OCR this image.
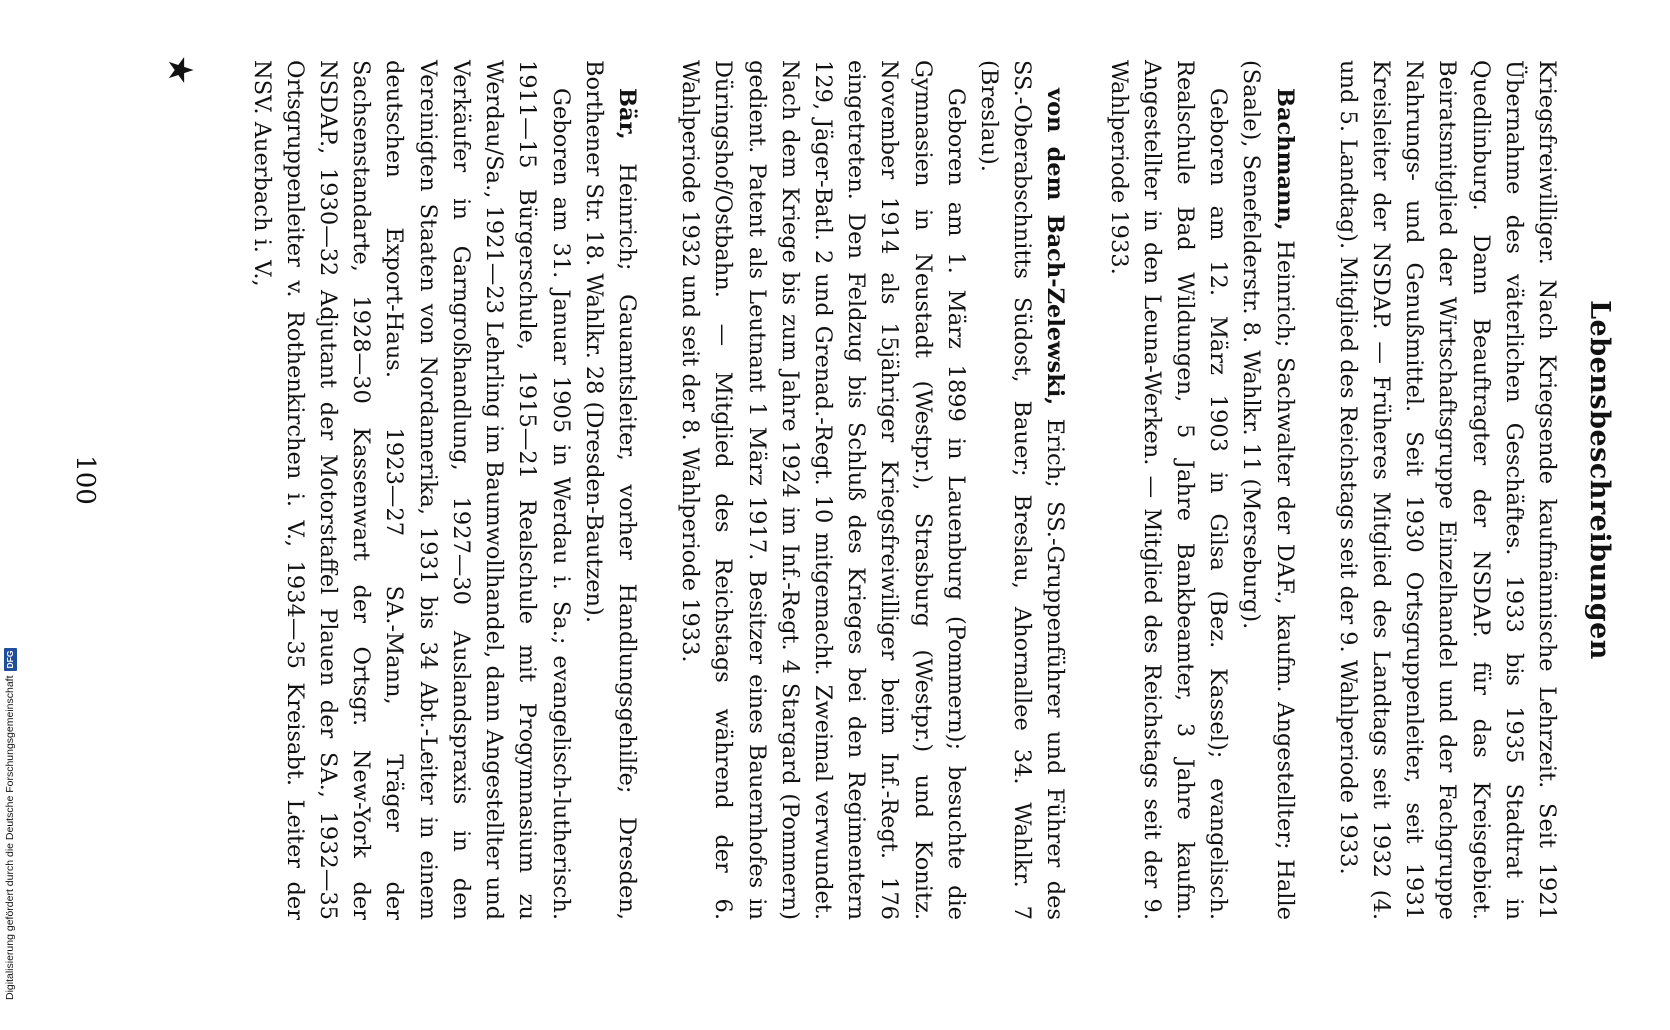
Lebensbeschreibungen

Kriegsfreiwilliger. Nach Kriegsende kaufmännische Lehrzeit. Seit 1921 Übernahme des väterlichen Geschäftes. 1933 bis 1935 Stadtrat in Quedlinburg. Dann Beauftragter der NSDAP. für das Kreisgebiet. Beiratsmitglied der Wirtschaftsgruppe Einzelhandel und der Fachgruppe Nahrungs- und Genußmittel. Seit 1930 Ortsgruppenleiter, seit 1931 Kreisleiter der NSDAP. — Früheres Mitglied des Landtags seit 1932 (4. und 5. Landtag). Mitglied des Reichstags seit der 9. Wahlperiode 1933.

Bachmann, Heinrich; Sachwalter der DAF., kaufm. Angestellter; Halle (Saale), Senefelderstr. 8. Wahlkr. 11 (Merseburg).

Geboren am 12. März 1903 in Gilsa (Bez. Kassel); evangelisch. Realschule Bad Wildungen, 5 Jahre Bankbeamter, 3 Jahre kaufm. Angestellter in den Leuna-Werken. — Mitglied des Reichstags seit der 9. Wahlperiode 1933.

von dem Bach-Zelewski, Erich; SS.-Gruppenführer und Führer des SS.-Oberabschnitts Südost, Bauer; Breslau, Ahornallee 34. Wahlkr. 7 (Breslau).

Geboren am 1. März 1899 in Lauenburg (Pommern); besuchte die Gymnasien in Neustadt (Westpr.), Strasburg (Westpr.) und Konitz. November 1914 als 15jähriger Kriegsfreiwilliger beim Inf.-Regt. 176 eingetreten. Den Feldzug bis Schluß des Krieges bei den Regimentern 129, Jäger-Batl. 2 und Grenad.-Regt. 10 mitgemacht. Zweimal verwundet. Nach dem Kriege bis zum Jahre 1924 im Inf.-Regt. 4 Stargard (Pommern) gedient. Patent als Leutnant 1 März 1917. Besitzer eines Bauernhofes in Düringshof/Ostbahn. — Mitglied des Reichstags während der 6. Wahlperiode 1932 und seit der 8. Wahlperiode 1933.

Bär, Heinrich; Gauamtsleiter, vorher Handlungsgehilfe; Dresden, Borthener Str. 18. Wahlkr. 28 (Dresden-Bautzen).

Geboren am 31. Januar 1905 in Werdau i. Sa.; evangelisch-lutherisch. 1911—15 Bürgerschule, 1915—21 Realschule mit Progymnasium zu Werdau/Sa., 1921—23 Lehrling im Baumwollhandel, dann Angestellter und Verkäufer in Garngroßhandlung, 1927—30 Auslandspraxis in den Vereinigten Staaten von Nordamerika, 1931 bis 34 Abt.-Leiter in einem deutschen Export-Haus. 1923—27 SA.-Mann, Träger der Sachsenstandarte, 1928—30 Kassenwart der Ortsgr. New-York der NSDAP., 1930—32 Adjutant der Motorstaffel Plauen der SA., 1932—35 Ortsgruppenleiter v. Rothenkirchen i. V., 1934—35 Kreisabt. Leiter der NSV. Auerbach i. V.,

★
100
Digitalisierung gefördert durch die Deutsche Forschungsgemeinschaft
DFG
